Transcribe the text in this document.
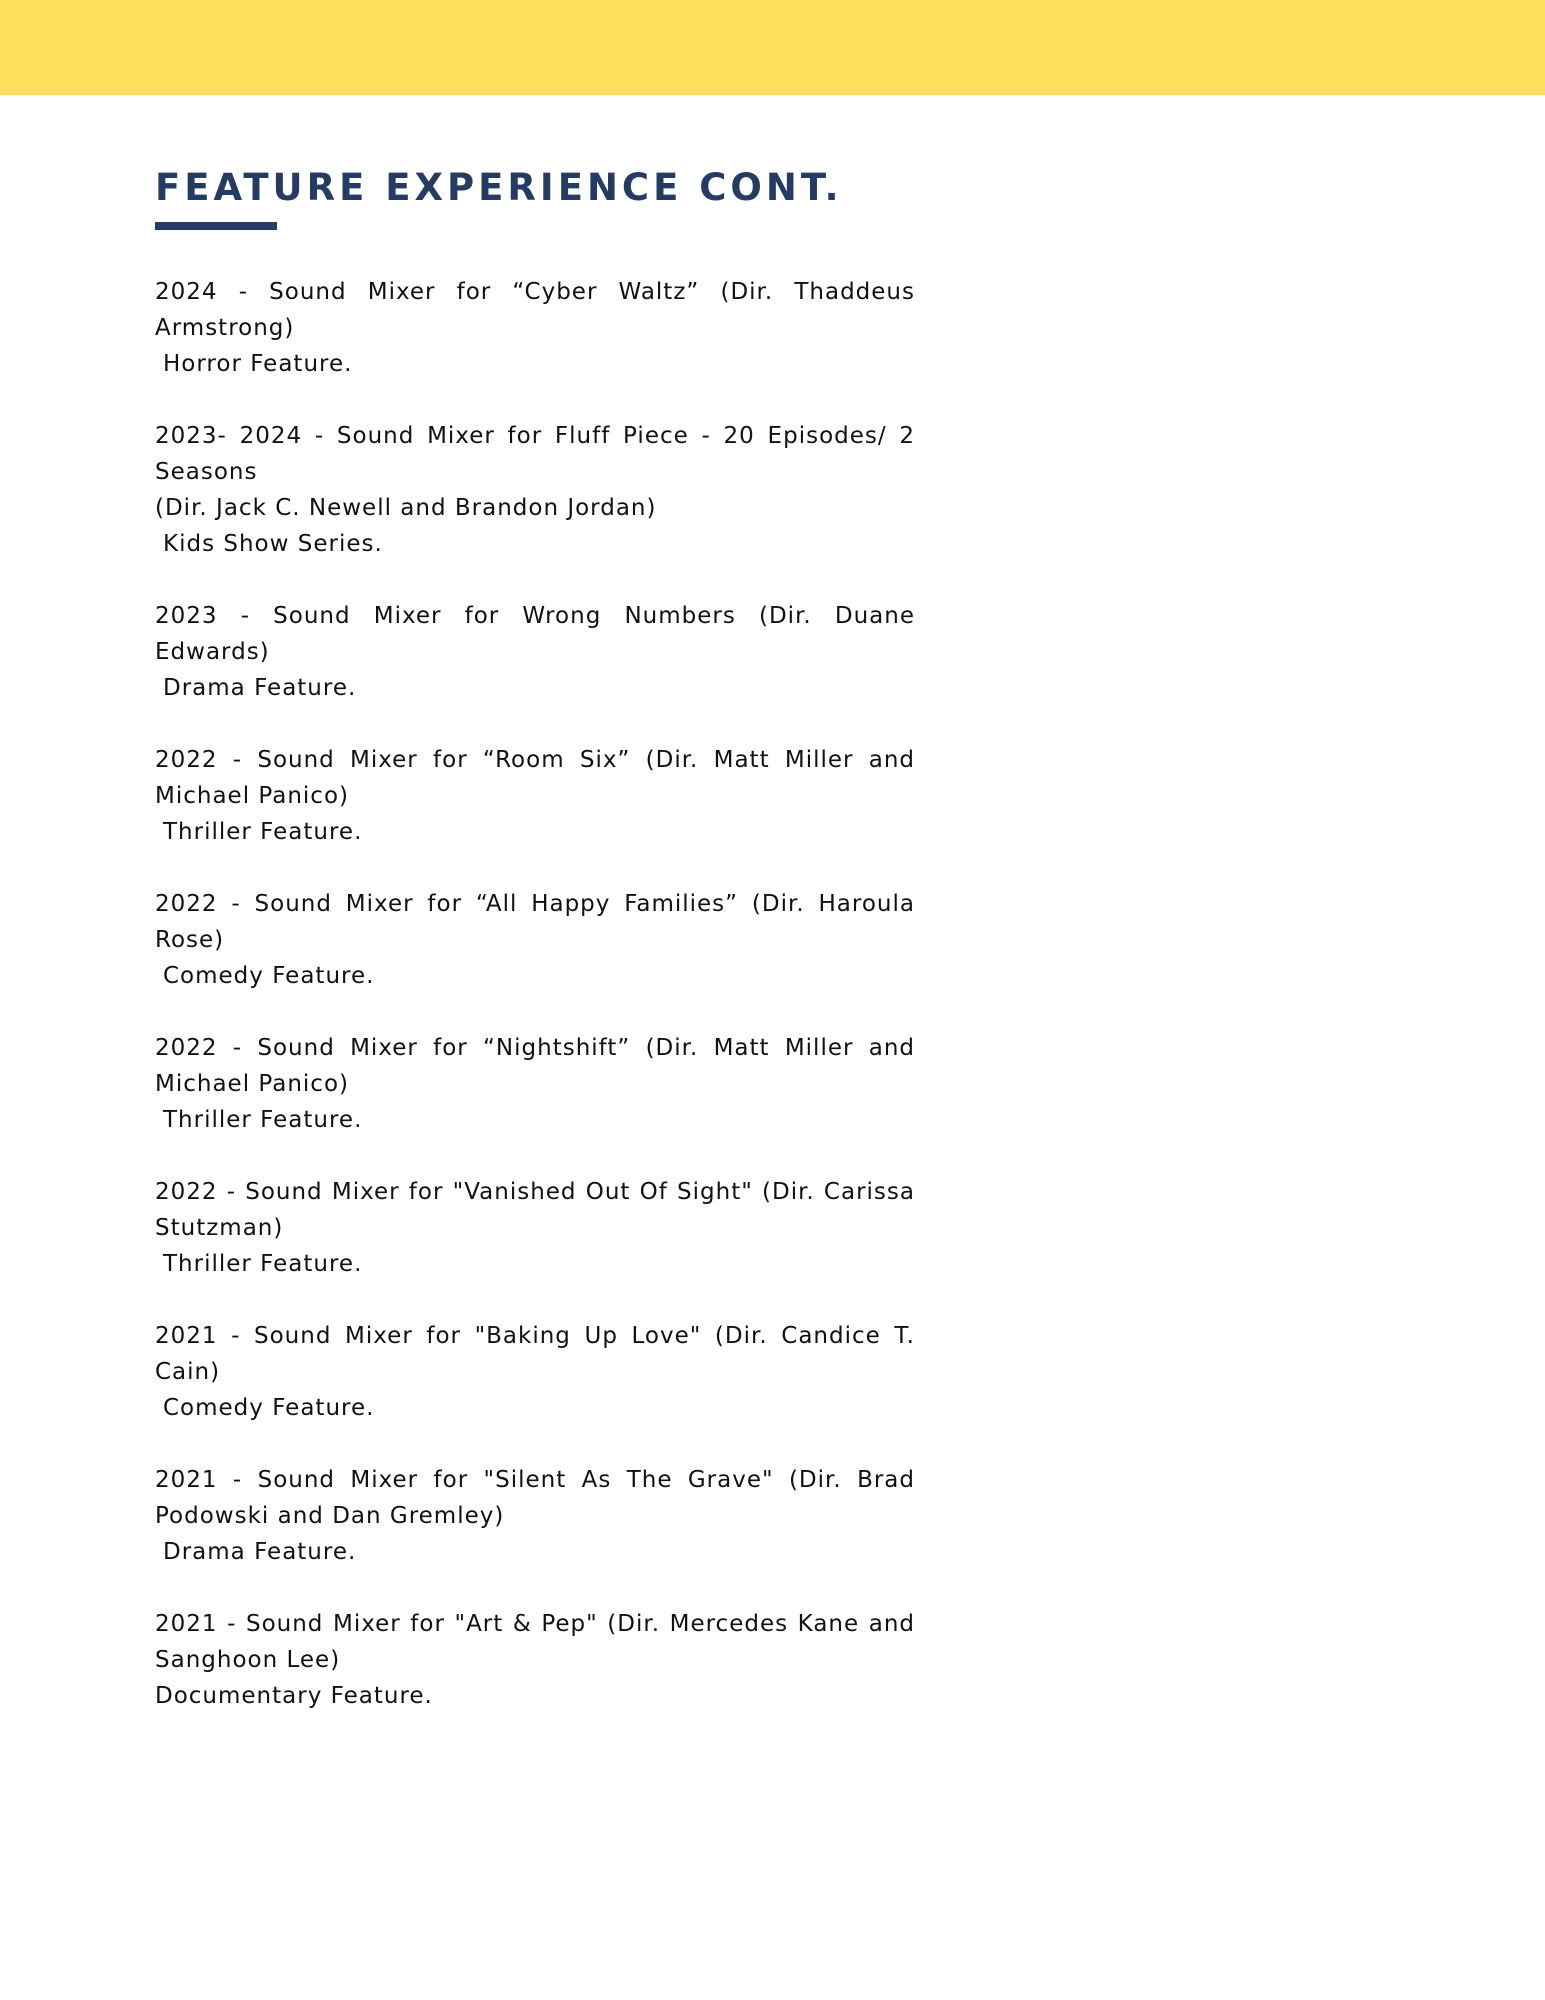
FEATURE EXPERIENCE CONT.
2024 - Sound Mixer for “Cyber Waltz” (Dir. Thaddeus Armstrong)
Horror Feature.
2023- 2024 - Sound Mixer for Fluff Piece - 20 Episodes/ 2 Seasons
(Dir. Jack C. Newell and Brandon Jordan)
Kids Show Series.
2023 - Sound Mixer for Wrong Numbers (Dir. Duane Edwards)
Drama Feature.
2022 - Sound Mixer for “Room Six” (Dir. Matt Miller and Michael Panico)
Thriller Feature.
2022 - Sound Mixer for “All Happy Families” (Dir. Haroula Rose)
Comedy Feature.
2022 - Sound Mixer for “Nightshift” (Dir. Matt Miller and Michael Panico)
Thriller Feature.
2022 - Sound Mixer for "Vanished Out Of Sight" (Dir. Carissa Stutzman)
Thriller Feature.
2021 - Sound Mixer for "Baking Up Love" (Dir. Candice T. Cain)
Comedy Feature.
2021 - Sound Mixer for "Silent As The Grave" (Dir. Brad Podowski and Dan Gremley)
Drama Feature.
2021 - Sound Mixer for "Art & Pep" (Dir. Mercedes Kane and Sanghoon Lee)
Documentary Feature.
